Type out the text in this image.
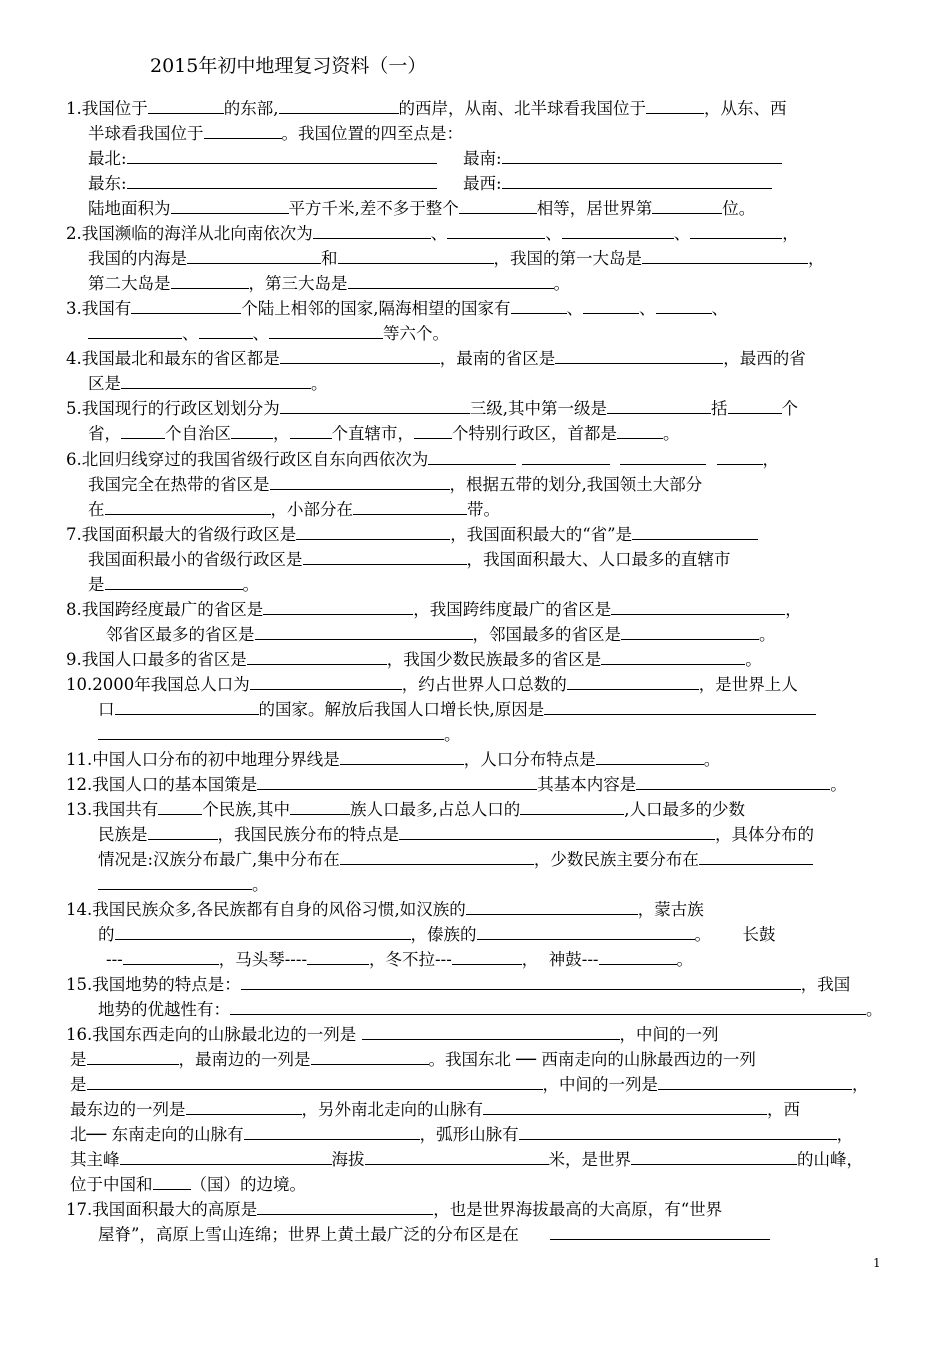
2015年初中地理复习资料（一）
1.我国位于	的东部,	的西岸，从南、北半球看我国位于	，从东、西
半球看我国位于	。我国位置的四至点是：
最北:	最南:
最东:	最西:
陆地面积为	平方千米,差不多于整个	相等，居世界第	位。
2.我国濒临的海洋从北向南依次为	、	、	、	，
我国的内海是	和	，我国的第一大岛是	，
第二大岛是	，第三大岛是	。
3.我国有	个陆上相邻的国家,隔海相望的国家有	、	、	、
、	、	等六个。
4.我国最北和最东的省区都是	，最南的省区是	，最西的省
区是	。
5.我国现行的行政区划划分为	三级,其中第一级是	括	个
省，	个自治区	，	个直辖市， 个特别行政区，首都是	。
6.北回归线穿过的我国省级行政区自东向西依次为	，
我国完全在热带的省区是	，根据五带的划分,我国领土大部分
在	，小部分在	带。
7.我国面积最大的省级行政区是	，我国面积最大的“省”是
我国面积最小的省级行政区是	，我国面积最大、人口最多的直辖市
是	。
8.我国跨经度最广的省区是	，我国跨纬度最广的省区是	，
邻省区最多的省区是	，邻国最多的省区是	。
9.我国人口最多的省区是	，我国少数民族最多的省区是	。
10.2000年我国总人口为	，约占世界人口总数的	，是世界上人
口	的国家。解放后我国人口增长快,原因是
。
11.中国人口分布的初中地理分界线是	，人口分布特点是	。
12.我国人口的基本国策是	其基本内容是	。
13.我国共有	个民族,其中	族人口最多,占总人口的	,人口最多的少数
民族是	，我国民族分布的特点是	，具体分布的
情况是:汉族分布最广,集中分布在	，少数民族主要分布在
。
14.我国民族众多,各民族都有自身的风俗习惯,如汉族的	，蒙古族
的	，傣族的	。 长鼓
---	，马头琴----	，冬不拉---	， 神鼓---	。
15.我国地势的特点是：	，我国
地势的优越性有：	。
16.我国东西走向的山脉最北边的一列是	，中间的一列
是	，最南边的一列是	。我国东北 ── 西南走向的山脉最西边的一列
是	，中间的一列是	，
最东边的一列是	，另外南北走向的山脉有	，西
北── 东南走向的山脉有	，弧形山脉有	，
其主峰	海拔	米，是世界	的山峰，
位于中国和 （国）的边境。
17.我国面积最大的高原是	，也是世界海拔最高的大高原，有“世界
屋脊”，高原上雪山连绵；世界上黄土最广泛的分布区是在
1
